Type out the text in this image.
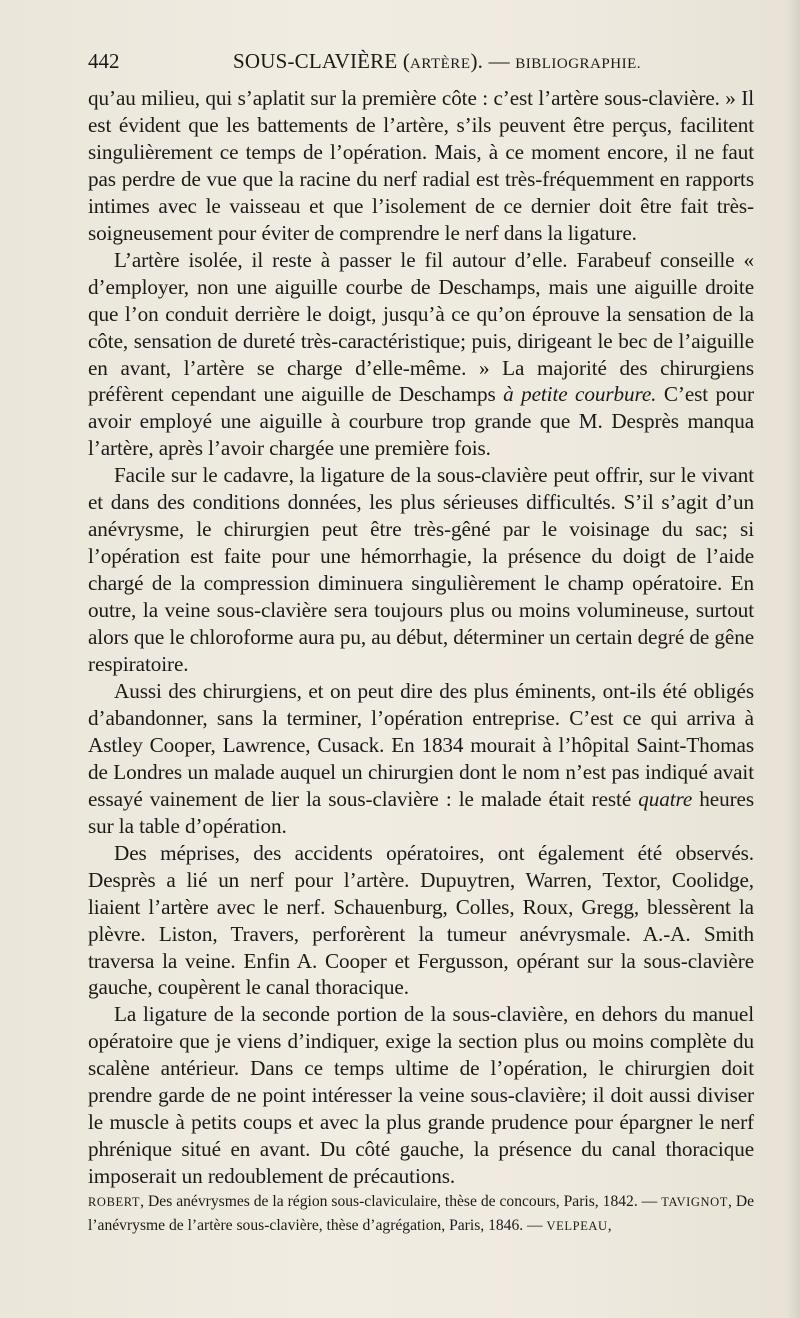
442	SOUS-CLAVIÈRE (ARTÈRE). — BIBLIOGRAPHIE.

qu’au milieu, qui s’aplatit sur la première côte : c’est l’artère sous-clavière. » Il est évident que les battements de l’artère, s’ils peuvent être perçus, facilitent singulièrement ce temps de l’opération. Mais, à ce moment encore, il ne faut pas perdre de vue que la racine du nerf radial est très-fréquemment en rapports intimes avec le vaisseau et que l’isolement de ce dernier doit être fait très-soigneusement pour éviter de comprendre le nerf dans la ligature.

L’artère isolée, il reste à passer le fil autour d’elle. Farabeuf conseille « d’employer, non une aiguille courbe de Deschamps, mais une aiguille droite que l’on conduit derrière le doigt, jusqu’à ce qu’on éprouve la sensation de la côte, sensation de dureté très-caractéristique; puis, dirigeant le bec de l’aiguille en avant, l’artère se charge d’elle-même. » La majorité des chirurgiens préfèrent cependant une aiguille de Deschamps à petite courbure. C’est pour avoir employé une aiguille à courbure trop grande que M. Desprès manqua l’artère, après l’avoir chargée une première fois.

Facile sur le cadavre, la ligature de la sous-clavière peut offrir, sur le vivant et dans des conditions données, les plus sérieuses difficultés. S’il s’agit d’un anévrysme, le chirurgien peut être très-gêné par le voisinage du sac; si l’opération est faite pour une hémorrhagie, la présence du doigt de l’aide chargé de la compression diminuera singulièrement le champ opératoire. En outre, la veine sous-clavière sera toujours plus ou moins volumineuse, surtout alors que le chloroforme aura pu, au début, déterminer un certain degré de gêne respiratoire.

Aussi des chirurgiens, et on peut dire des plus éminents, ont-ils été obligés d’abandonner, sans la terminer, l’opération entreprise. C’est ce qui arriva à Astley Cooper, Lawrence, Cusack. En 1834 mourait à l’hôpital Saint-Thomas de Londres un malade auquel un chirurgien dont le nom n’est pas indiqué avait essayé vainement de lier la sous-clavière : le malade était resté quatre heures sur la table d’opération.

Des méprises, des accidents opératoires, ont également été observés. Desprès a lié un nerf pour l’artère. Dupuytren, Warren, Textor, Coolidge, liaient l’artère avec le nerf. Schauenburg, Colles, Roux, Gregg, blessèrent la plèvre. Liston, Travers, perforèrent la tumeur anévrysmale. A.-A. Smith traversa la veine. Enfin A. Cooper et Fergusson, opérant sur la sous-clavière gauche, coupèrent le canal thoracique.

La ligature de la seconde portion de la sous-clavière, en dehors du manuel opératoire que je viens d’indiquer, exige la section plus ou moins complète du scalène antérieur. Dans ce temps ultime de l’opération, le chirurgien doit prendre garde de ne point intéresser la veine sous-clavière; il doit aussi diviser le muscle à petits coups et avec la plus grande prudence pour épargner le nerf phrénique situé en avant. Du côté gauche, la présence du canal thoracique imposerait un redoublement de précautions.

ROBERT, Des anévrysmes de la région sous-claviculaire, thèse de concours, Paris, 1842. — TAVIGNOT, De l’anévrysme de l’artère sous-clavière, thèse d’agrégation, Paris, 1846. — VELPEAU,
